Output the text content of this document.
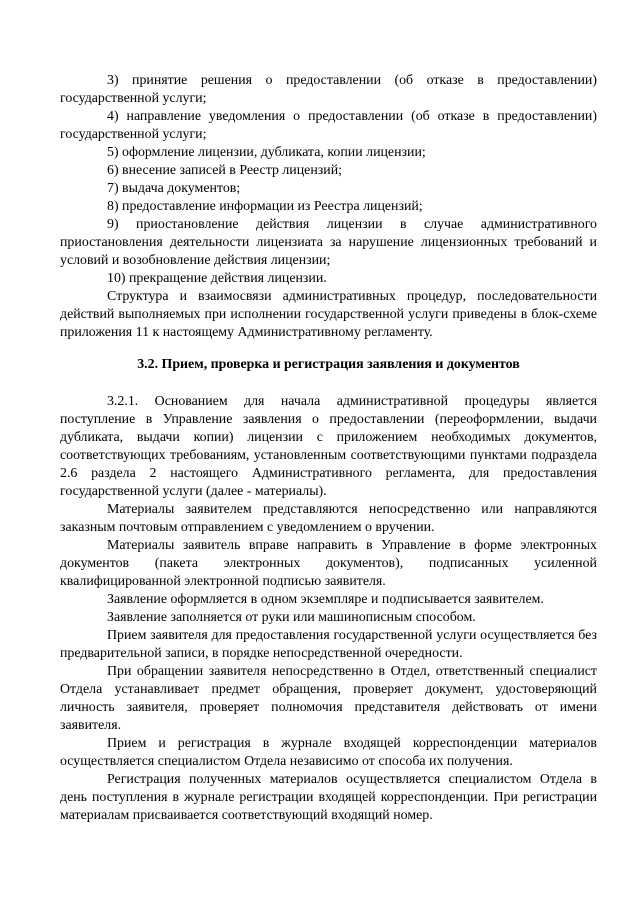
3) принятие решения о предоставлении (об отказе в предоставлении) государственной услуги;

4) направление уведомления о предоставлении (об отказе в предоставлении) государственной услуги;

5) оформление лицензии, дубликата, копии лицензии;

6) внесение записей в Реестр лицензий;

7) выдача документов;

8) предоставление информации из Реестра лицензий;

9) приостановление действия лицензии в случае административного приостановления деятельности лицензиата за нарушение лицензионных требований и условий и возобновление действия лицензии;

10) прекращение действия лицензии.

Структура и взаимосвязи административных процедур, последовательности действий выполняемых при исполнении государственной услуги приведены в блок-схеме приложения 11 к настоящему Административному регламенту.

3.2. Прием, проверка и регистрация заявления и документов

3.2.1. Основанием для начала административной процедуры является поступление в Управление заявления о предоставлении (переоформлении, выдачи дубликата, выдачи копии) лицензии с приложением необходимых документов, соответствующих требованиям, установленным соответствующими пунктами подраздела 2.6 раздела 2 настоящего Административного регламента, для предоставления государственной услуги (далее - материалы).

Материалы заявителем представляются непосредственно или направляются заказным почтовым отправлением с уведомлением о вручении.

Материалы заявитель вправе направить в Управление в форме электронных документов (пакета электронных документов), подписанных усиленной квалифицированной электронной подписью заявителя.

Заявление оформляется в одном экземпляре и подписывается заявителем.

Заявление заполняется от руки или машинописным способом.

Прием заявителя для предоставления государственной услуги осуществляется без предварительной записи, в порядке непосредственной очередности.

При обращении заявителя непосредственно в Отдел, ответственный специалист Отдела устанавливает предмет обращения, проверяет документ, удостоверяющий личность заявителя, проверяет полномочия представителя действовать от имени заявителя.

Прием и регистрация в журнале входящей корреспонденции материалов осуществляется специалистом Отдела независимо от способа их получения.

Регистрация полученных материалов осуществляется специалистом Отдела в день поступления в журнале регистрации входящей корреспонденции. При регистрации материалам присваивается соответствующий входящий номер.
